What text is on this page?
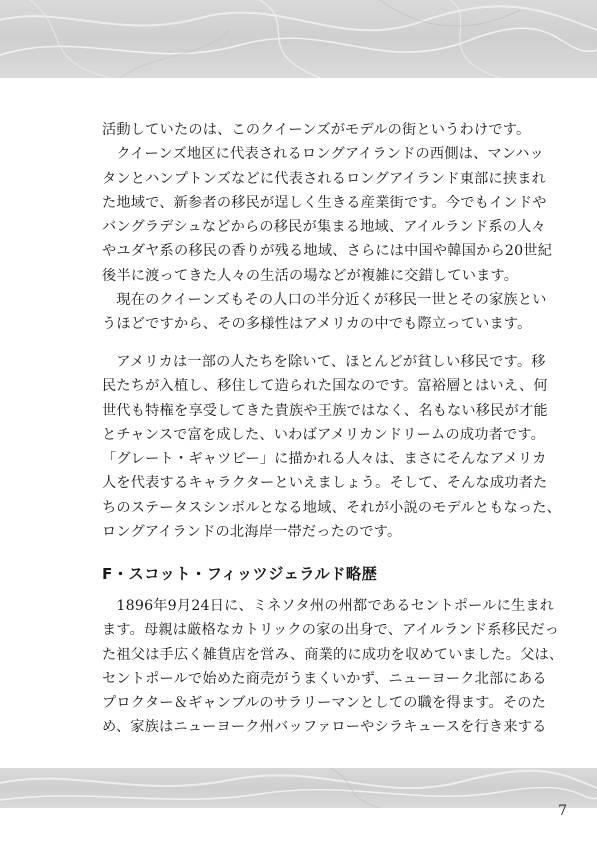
活動していたのは、このクイーンズがモデルの街というわけです。

　クイーンズ地区に代表されるロングアイランドの西側は、マンハッ

タンとハンプトンズなどに代表されるロングアイランド東部に挟まれ

た地域で、新参者の移民が逞しく生きる産業街です。今でもインドや

バングラデシュなどからの移民が集まる地域、アイルランド系の人々

やユダヤ系の移民の香りが残る地域、さらには中国や韓国から20世紀

後半に渡ってきた人々の生活の場などが複雑に交錯しています。

　現在のクイーンズもその人口の半分近くが移民一世とその家族とい

うほどですから、その多様性はアメリカの中でも際立っています。

　アメリカは一部の人たちを除いて、ほとんどが貧しい移民です。移

民たちが入植し、移住して造られた国なのです。富裕層とはいえ、何

世代も特権を享受してきた貴族や王族ではなく、名もない移民が才能

とチャンスで富を成した、いわばアメリカンドリームの成功者です。

「グレート・ギャツビー」に描かれる人々は、まさにそんなアメリカ

人を代表するキャラクターといえましょう。そして、そんな成功者た

ちのステータスシンボルとなる地域、それが小説のモデルともなった、

ロングアイランドの北海岸一帯だったのです。

F・スコット・フィッツジェラルド略歴

　1896年9月24日に、ミネソタ州の州都であるセントポールに生まれ

ます。母親は厳格なカトリックの家の出身で、アイルランド系移民だっ

た祖父は手広く雑貨店を営み、商業的に成功を収めていました。父は、

セントポールで始めた商売がうまくいかず、ニューヨーク北部にある

プロクター＆ギャンブルのサラリーマンとしての職を得ます。そのた

め、家族はニューヨーク州バッファローやシラキュースを行き来する

7
